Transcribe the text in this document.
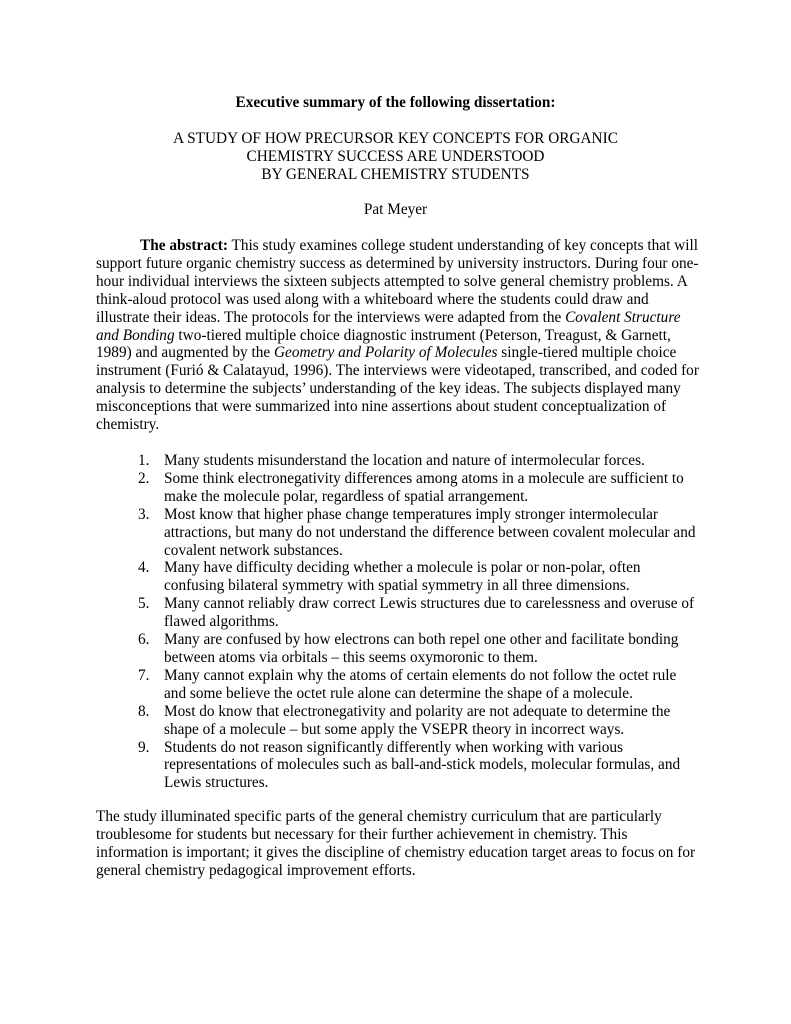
Executive summary of the following dissertation:

A STUDY OF HOW PRECURSOR KEY CONCEPTS FOR ORGANIC
CHEMISTRY SUCCESS ARE UNDERSTOOD
BY GENERAL CHEMISTRY STUDENTS
Pat Meyer

The abstract: This study examines college student understanding of key concepts that will support future organic chemistry success as determined by university instructors. During four one-hour individual interviews the sixteen subjects attempted to solve general chemistry problems. A think-aloud protocol was used along with a whiteboard where the students could draw and illustrate their ideas. The protocols for the interviews were adapted from the Covalent Structure and Bonding two-tiered multiple choice diagnostic instrument (Peterson, Treagust, & Garnett, 1989) and augmented by the Geometry and Polarity of Molecules single-tiered multiple choice instrument (Furió & Calatayud, 1996). The interviews were videotaped, transcribed, and coded for analysis to determine the subjects’ understanding of the key ideas. The subjects displayed many misconceptions that were summarized into nine assertions about student conceptualization of chemistry.

1. Many students misunderstand the location and nature of intermolecular forces.
2. Some think electronegativity differences among atoms in a molecule are sufficient to make the molecule polar, regardless of spatial arrangement.
3. Most know that higher phase change temperatures imply stronger intermolecular attractions, but many do not understand the difference between covalent molecular and covalent network substances.
4. Many have difficulty deciding whether a molecule is polar or non-polar, often confusing bilateral symmetry with spatial symmetry in all three dimensions.
5. Many cannot reliably draw correct Lewis structures due to carelessness and overuse of flawed algorithms.
6. Many are confused by how electrons can both repel one other and facilitate bonding between atoms via orbitals – this seems oxymoronic to them.
7. Many cannot explain why the atoms of certain elements do not follow the octet rule and some believe the octet rule alone can determine the shape of a molecule.
8. Most do know that electronegativity and polarity are not adequate to determine the shape of a molecule – but some apply the VSEPR theory in incorrect ways.
9. Students do not reason significantly differently when working with various representations of molecules such as ball-and-stick models, molecular formulas, and Lewis structures.

The study illuminated specific parts of the general chemistry curriculum that are particularly troublesome for students but necessary for their further achievement in chemistry. This information is important; it gives the discipline of chemistry education target areas to focus on for general chemistry pedagogical improvement efforts.
